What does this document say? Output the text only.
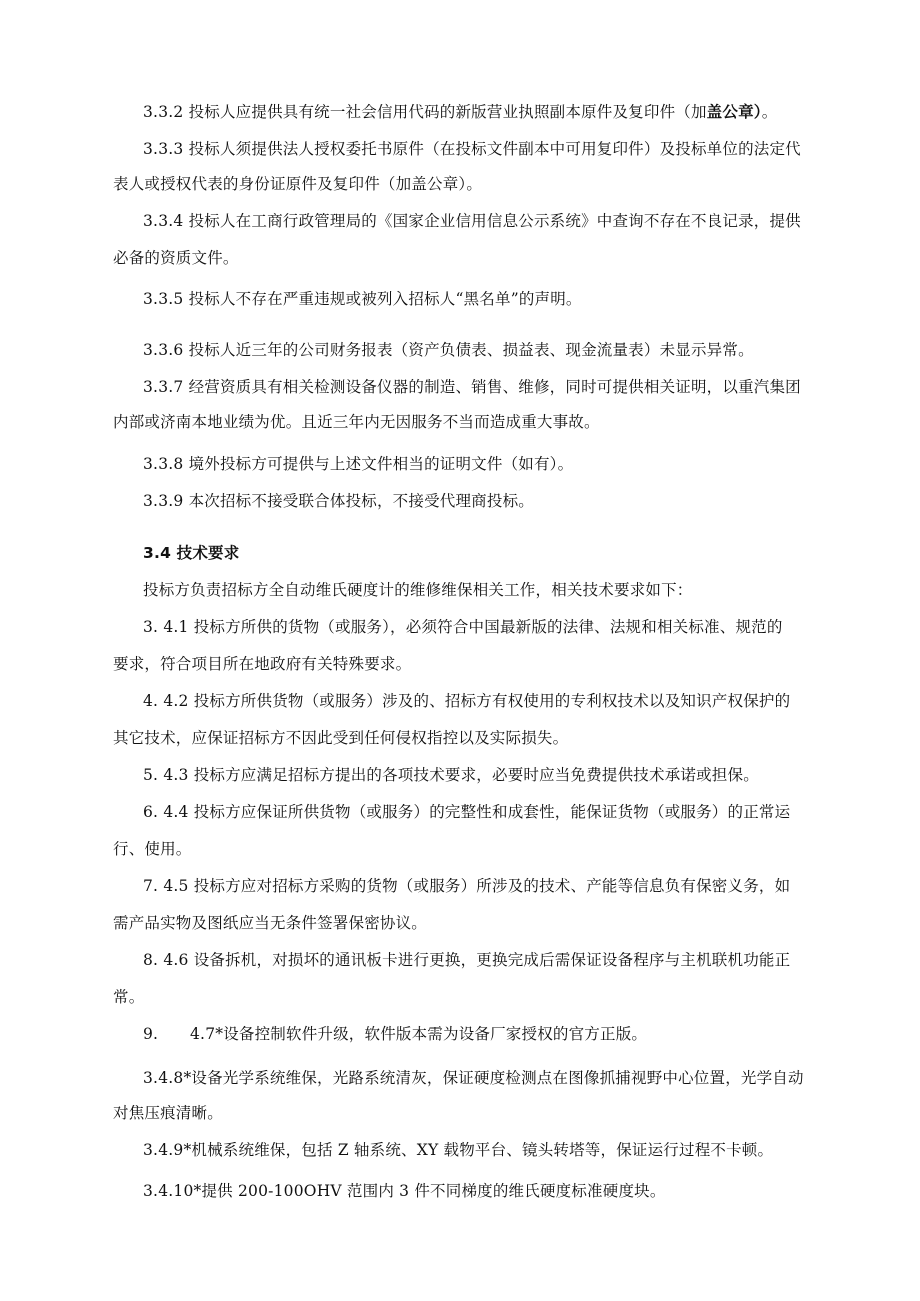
3.3.2 投标人应提供具有统一社会信用代码的新版营业执照副本原件及复印件（加盖公章）。
3.3.3 投标人须提供法人授权委托书原件（在投标文件副本中可用复印件）及投标单位的法定代
表人或授权代表的身份证原件及复印件（加盖公章）。
3.3.4 投标人在工商行政管理局的《国家企业信用信息公示系统》中查询不存在不良记录，提供
必备的资质文件。
3.3.5 投标人不存在严重违规或被列入招标人“黑名单”的声明。
3.3.6 投标人近三年的公司财务报表（资产负债表、损益表、现金流量表）未显示异常。
3.3.7 经营资质具有相关检测设备仪器的制造、销售、维修，同时可提供相关证明，以重汽集团
内部或济南本地业绩为优。且近三年内无因服务不当而造成重大事故。
3.3.8 境外投标方可提供与上述文件相当的证明文件（如有）。
3.3.9 本次招标不接受联合体投标，不接受代理商投标。
3.4 技术要求
投标方负责招标方全自动维氏硬度计的维修维保相关工作，相关技术要求如下：
3. 4.1 投标方所供的货物（或服务），必须符合中国最新版的法律、法规和相关标准、规范的
要求，符合项目所在地政府有关特殊要求。
4. 4.2 投标方所供货物（或服务）涉及的、招标方有权使用的专利权技术以及知识产权保护的
其它技术，应保证招标方不因此受到任何侵权指控以及实际损失。
5. 4.3 投标方应满足招标方提出的各项技术要求，必要时应当免费提供技术承诺或担保。
6. 4.4 投标方应保证所供货物（或服务）的完整性和成套性，能保证货物（或服务）的正常运
行、使用。
7. 4.5 投标方应对招标方采购的货物（或服务）所涉及的技术、产能等信息负有保密义务，如
需产品实物及图纸应当无条件签署保密协议。
8. 4.6 设备拆机，对损坏的通讯板卡进行更换，更换完成后需保证设备程序与主机联机功能正
常。
9. 4.7*设备控制软件升级，软件版本需为设备厂家授权的官方正版。
3.4.8*设备光学系统维保，光路系统清灰，保证硬度检测点在图像抓捕视野中心位置，光学自动
对焦压痕清晰。
3.4.9*机械系统维保，包括 Z 轴系统、XY 载物平台、镜头转塔等，保证运行过程不卡顿。
3.4.10*提供 200-100OHV 范围内 3 件不同梯度的维氏硬度标准硬度块。
